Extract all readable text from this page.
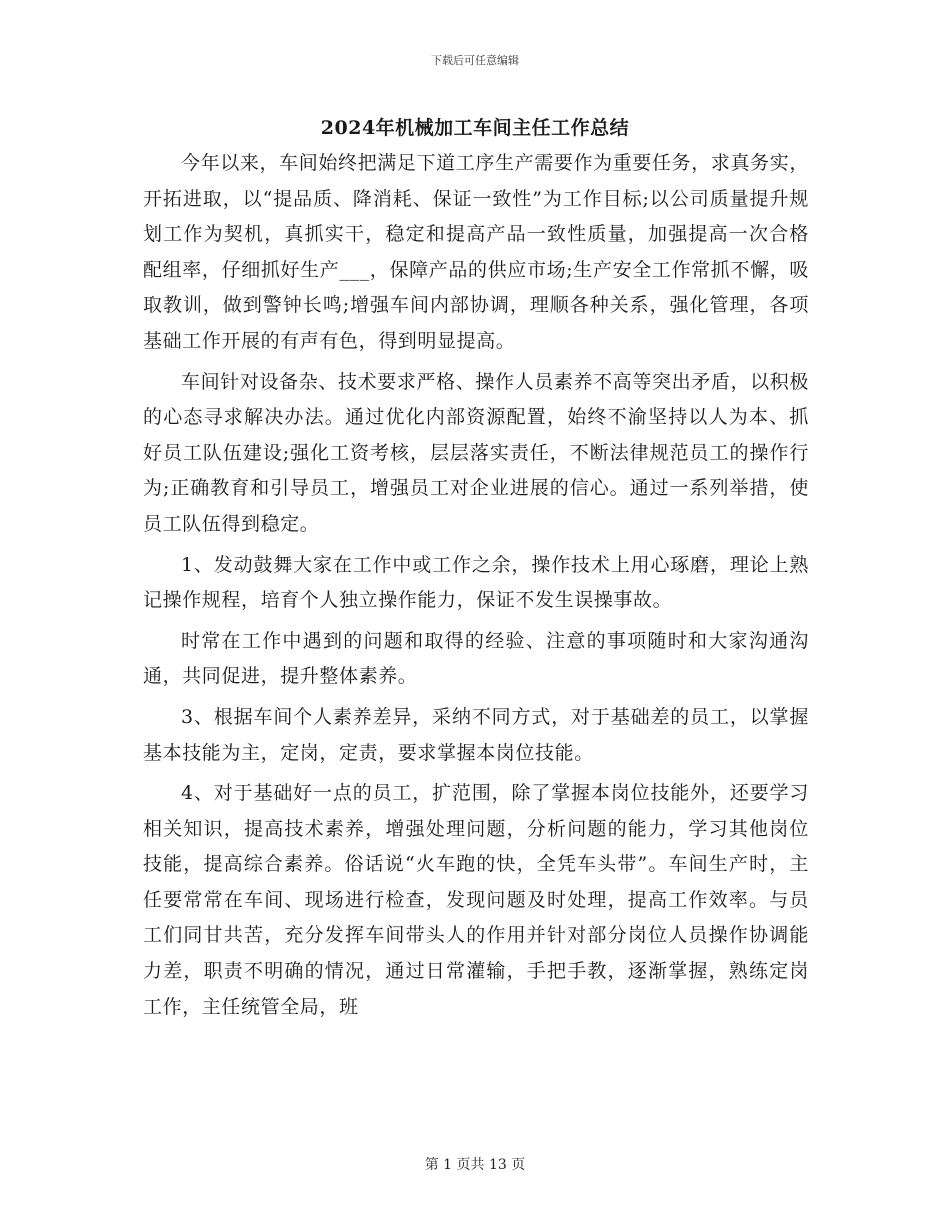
下载后可任意编辑
2024年机械加工车间主任工作总结

今年以来，车间始终把满足下道工序生产需要作为重要任务，求真务实，开拓进取，以“提品质、降消耗、保证一致性”为工作目标;以公司质量提升规划工作为契机，真抓实干，稳定和提高产品一致性质量，加强提高一次合格配组率，仔细抓好生产___，保障产品的供应市场;生产安全工作常抓不懈，吸取教训，做到警钟长鸣;增强车间内部协调，理顺各种关系，强化管理，各项基础工作开展的有声有色，得到明显提高。

车间针对设备杂、技术要求严格、操作人员素养不高等突出矛盾，以积极的心态寻求解决办法。通过优化内部资源配置，始终不渝坚持以人为本、抓好员工队伍建设;强化工资考核，层层落实责任，不断法律规范员工的操作行为;正确教育和引导员工，增强员工对企业进展的信心。通过一系列举措，使员工队伍得到稳定。

1、发动鼓舞大家在工作中或工作之余，操作技术上用心琢磨，理论上熟记操作规程，培育个人独立操作能力，保证不发生误操事故。

时常在工作中遇到的问题和取得的经验、注意的事项随时和大家沟通沟通，共同促进，提升整体素养。

3、根据车间个人素养差异，采纳不同方式，对于基础差的员工，以掌握基本技能为主，定岗，定责，要求掌握本岗位技能。

4、对于基础好一点的员工，扩范围，除了掌握本岗位技能外，还要学习相关知识，提高技术素养，增强处理问题，分析问题的能力，学习其他岗位技能，提高综合素养。俗话说“火车跑的快，全凭车头带”。车间生产时，主任要常常在车间、现场进行检查，发现问题及时处理，提高工作效率。与员工们同甘共苦，充分发挥车间带头人的作用并针对部分岗位人员操作协调能力差，职责不明确的情况，通过日常灌输，手把手教，逐渐掌握，熟练定岗工作，主任统管全局，班

第 1 页共 13 页
